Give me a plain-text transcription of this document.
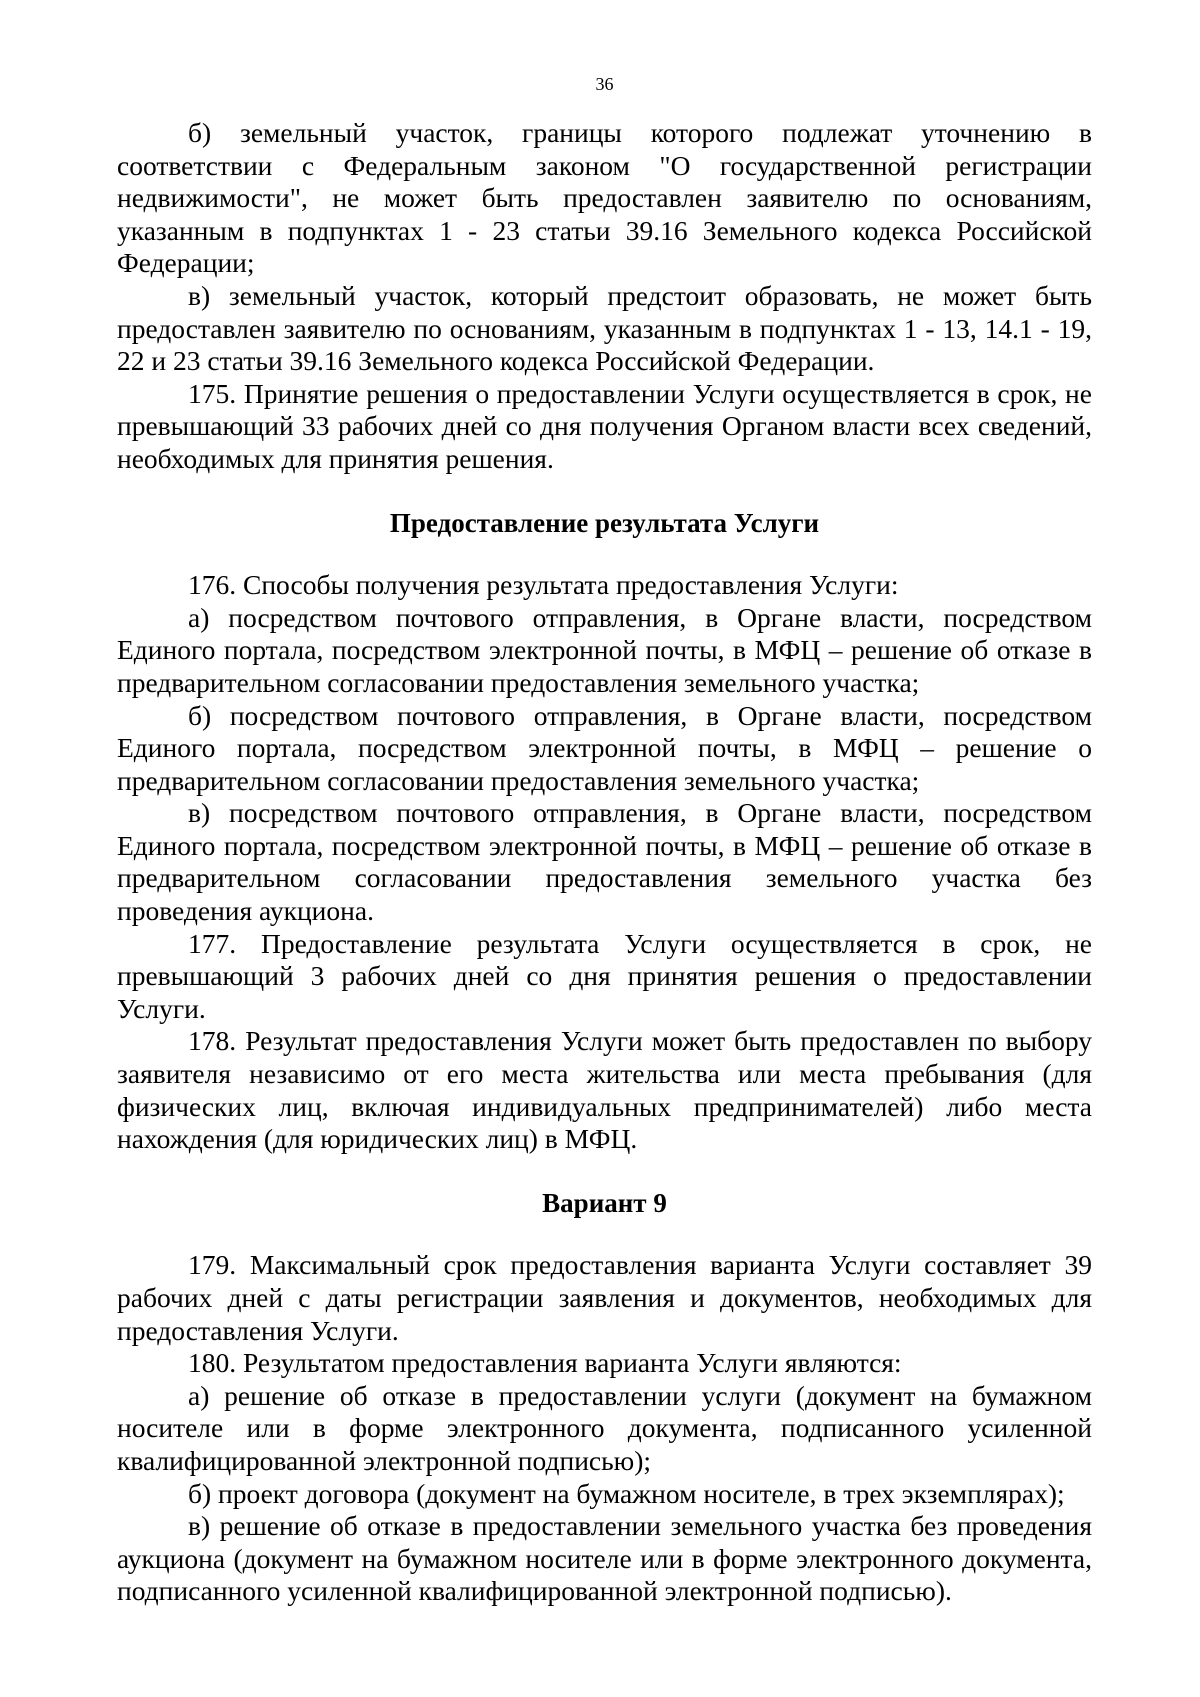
36

б) земельный участок, границы которого подлежат уточнению в соответствии с Федеральным законом "О государственной регистрации недвижимости", не может быть предоставлен заявителю по основаниям, указанным в подпунктах 1 - 23 статьи 39.16 Земельного кодекса Российской Федерации;

в) земельный участок, который предстоит образовать, не может быть предоставлен заявителю по основаниям, указанным в подпунктах 1 - 13, 14.1 - 19, 22 и 23 статьи 39.16 Земельного кодекса Российской Федерации.

175. Принятие решения о предоставлении Услуги осуществляется в срок, не превышающий 33 рабочих дней со дня получения Органом власти всех сведений, необходимых для принятия решения.

Предоставление результата Услуги

176. Способы получения результата предоставления Услуги:

а) посредством почтового отправления, в Органе власти, посредством Единого портала, посредством электронной почты, в МФЦ – решение об отказе в предварительном согласовании предоставления земельного участка;

б) посредством почтового отправления, в Органе власти, посредством Единого портала, посредством электронной почты, в МФЦ – решение о предварительном согласовании предоставления земельного участка;

в) посредством почтового отправления, в Органе власти, посредством Единого портала, посредством электронной почты, в МФЦ – решение об отказе в предварительном согласовании предоставления земельного участка без проведения аукциона.

177. Предоставление результата Услуги осуществляется в срок, не превышающий 3 рабочих дней со дня принятия решения о предоставлении Услуги.

178. Результат предоставления Услуги может быть предоставлен по выбору заявителя независимо от его места жительства или места пребывания (для физических лиц, включая индивидуальных предпринимателей) либо места нахождения (для юридических лиц) в МФЦ.

Вариант 9

179. Максимальный срок предоставления варианта Услуги составляет 39 рабочих дней с даты регистрации заявления и документов, необходимых для предоставления Услуги.

180. Результатом предоставления варианта Услуги являются:

а) решение об отказе в предоставлении услуги (документ на бумажном носителе или в форме электронного документа, подписанного усиленной квалифицированной электронной подписью);

б) проект договора (документ на бумажном носителе, в трех экземплярах);

в) решение об отказе в предоставлении земельного участка без проведения аукциона (документ на бумажном носителе или в форме электронного документа, подписанного усиленной квалифицированной электронной подписью).
